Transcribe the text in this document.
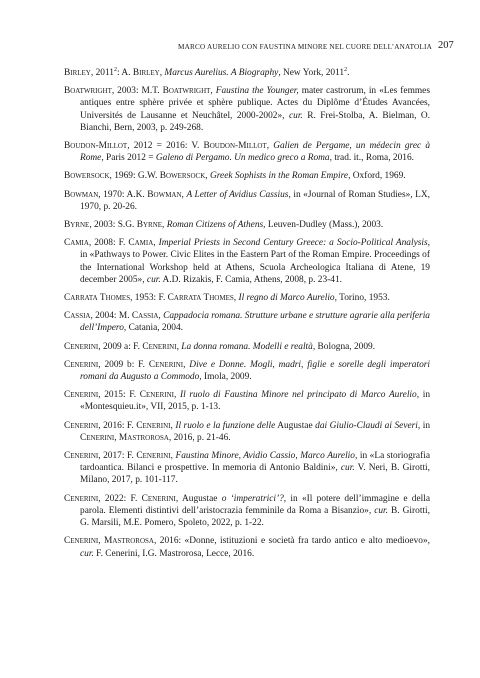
MARCO AURELIO CON FAUSTINA MINORE NEL CUORE DELL’ANATOLIA 207

Birley, 2011$^2$: A. Birley, Marcus Aurelius. A Biography, New York, 2011$^2$.

Boatwright, 2003: M.T. Boatwright, Faustina the Younger, mater castrorum, in «Les femmes antiques entre sphère privée et sphère publique. Actes du Diplôme d’Études Avancées, Universités de Lausanne et Neuchâtel, 2000-2002», cur. R. Frei-Stolba, A. Bielman, O. Bianchi, Bern, 2003, p. 249-268.

Boudon-Millot, 2012 = 2016: V. Boudon-Millot, Galien de Pergame, un médecin grec à Rome, Paris 2012 = Galeno di Pergamo. Un medico greco a Roma, trad. it., Roma, 2016.

Bowersock, 1969: G.W. Bowersock, Greek Sophists in the Roman Empire, Oxford, 1969.

Bowman, 1970: A.K. Bowman, A Letter of Avidius Cassius, in «Journal of Roman Studies», LX, 1970, p. 20-26.

Byrne, 2003: S.G. Byrne, Roman Citizens of Athens, Leuven-Dudley (Mass.), 2003.

Camia, 2008: F. Camia, Imperial Priests in Second Century Greece: a Socio-Political Analysis, in «Pathways to Power. Civic Elites in the Eastern Part of the Roman Empire. Proceedings of the International Workshop held at Athens, Scuola Archeologica Italiana di Atene, 19 december 2005», cur. A.D. Rizakis, F. Camia, Athens, 2008, p. 23-41.

Carrata Thomes, 1953: F. Carrata Thomes, Il regno di Marco Aurelio, Torino, 1953.

Cassia, 2004: M. Cassia, Cappadocia romana. Strutture urbane e strutture agrarie alla periferia dell’Impero, Catania, 2004.

Cenerini, 2009 a: F. Cenerini, La donna romana. Modelli e realtà, Bologna, 2009.

Cenerini, 2009 b: F. Cenerini, Dive e Donne. Mogli, madri, figlie e sorelle degli imperatori romani da Augusto a Commodo, Imola, 2009.

Cenerini, 2015: F. Cenerini, Il ruolo di Faustina Minore nel principato di Marco Aurelio, in «Montesquieu.it», VII, 2015, p. 1-13.

Cenerini, 2016: F. Cenerini, Il ruolo e la funzione delle Augustae dai Giulio-Claudi ai Severi, in Cenerini, Mastrorosa, 2016, p. 21-46.

Cenerini, 2017: F. Cenerini, Faustina Minore, Avidio Cassio, Marco Aurelio, in «La storiografia tardoantica. Bilanci e prospettive. In memoria di Antonio Baldini», cur. V. Neri, B. Girotti, Milano, 2017, p. 101-117.

Cenerini, 2022: F. Cenerini, Augustae o ‘imperatrici’?, in «Il potere dell’immagine e della parola. Elementi distintivi dell’aristocrazia femminile da Roma a Bisanzio», cur. B. Girotti, G. Marsili, M.E. Pomero, Spoleto, 2022, p. 1-22.

Cenerini, Mastrorosa, 2016: «Donne, istituzioni e società fra tardo antico e alto medioevo», cur. F. Cenerini, I.G. Mastrorosa, Lecce, 2016.
